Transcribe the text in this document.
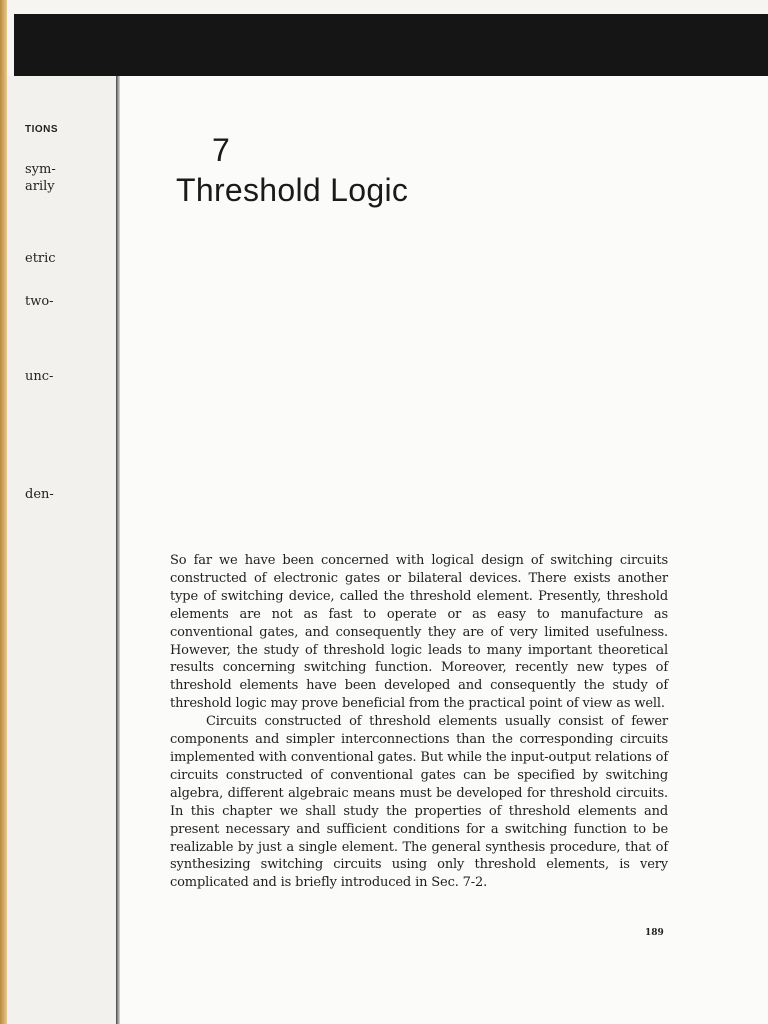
TIONS
sym-
arily
etric
two-
unc-
den-
7
Threshold Logic

So far we have been concerned with logical design of switching circuits constructed of electronic gates or bilateral devices. There exists another type of switching device, called the threshold element. Presently, threshold elements are not as fast to operate or as easy to manufacture as conventional gates, and consequently they are of very limited usefulness. However, the study of threshold logic leads to many important theoretical results concerning switching function. Moreover, recently new types of threshold elements have been developed and consequently the study of threshold logic may prove beneficial from the practical point of view as well.

Circuits constructed of threshold elements usually consist of fewer components and simpler interconnections than the corresponding circuits implemented with conventional gates. But while the input-output relations of circuits constructed of conventional gates can be specified by switching algebra, different algebraic means must be developed for threshold circuits. In this chapter we shall study the properties of threshold elements and present necessary and sufficient conditions for a switching function to be realizable by just a single element. The general synthesis procedure, that of synthesizing switching circuits using only threshold elements, is very complicated and is briefly introduced in Sec. 7-2.

189
